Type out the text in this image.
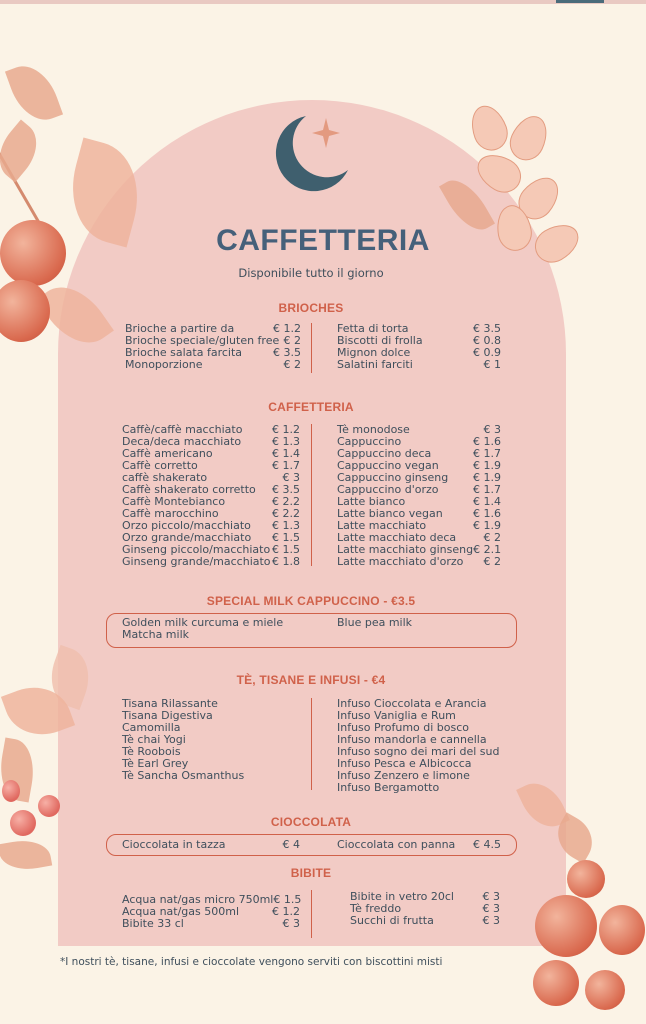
CAFFETTERIA
Disponibile tutto il giorno
BRIOCHES
Brioche a partire da	€ 1.2
Brioche speciale/gluten free € 2
Brioche salata farcita	€ 3.5
Monoporzione	€ 2
Fetta di torta	€ 3.5
Biscotti di frolla	€ 0.8
Mignon dolce	€ 0.9
Salatini farciti	€ 1
CAFFETTERIA
Caffè/caffè macchiato	€ 1.2
Deca/deca macchiato	€ 1.3
Caffè americano	€ 1.4
Caffè corretto	€ 1.7
caffè shakerato	€ 3
Caffè shakerato corretto € 3.5
Caffè Montebianco	€ 2.2
Caffè marocchino	€ 2.2
Orzo piccolo/macchiato € 1.3
Orzo grande/macchiato € 1.5
Ginseng piccolo/macchiato € 1.5
Ginseng grande/macchiato € 1.8
Tè monodose	€ 3
Cappuccino	€ 1.6
Cappuccino deca	€ 1.7
Cappuccino vegan	€ 1.9
Cappuccino ginseng € 1.9
Cappuccino d'orzo	€ 1.7
Latte bianco	€ 1.4
Latte bianco vegan	€ 1.6
Latte macchiato	€ 1.9
Latte macchiato deca € 2
Latte macchiato ginseng € 2.1
Latte macchiato d'orzo € 2
SPECIAL MILK CAPPUCCINO - €3.5
Golden milk curcuma e miele
Matcha milk
Blue pea milk
TÈ, TISANE E INFUSI - €4
Tisana Rilassante
Tisana Digestiva
Camomilla
Tè chai Yogi
Tè Roobois
Tè Earl Grey
Tè Sancha Osmanthus
Infuso Cioccolata e Arancia
Infuso Vaniglia e Rum
Infuso Profumo di bosco
Infuso mandorla e cannella
Infuso sogno dei mari del sud
Infuso Pesca e Albicocca
Infuso Zenzero e limone
Infuso Bergamotto
CIOCCOLATA
Cioccolata in tazza	€ 4	Cioccolata con panna € 4.5
BIBITE
Acqua nat/gas micro 750ml € 1.5
Acqua nat/gas 500ml	€ 1.2
Bibite 33 cl	€ 3
Bibite in vetro 20cl	€ 3
Tè freddo	€ 3
Succhi di frutta	€ 3
*I nostri tè, tisane, infusi e cioccolate vengono serviti con biscottini misti
